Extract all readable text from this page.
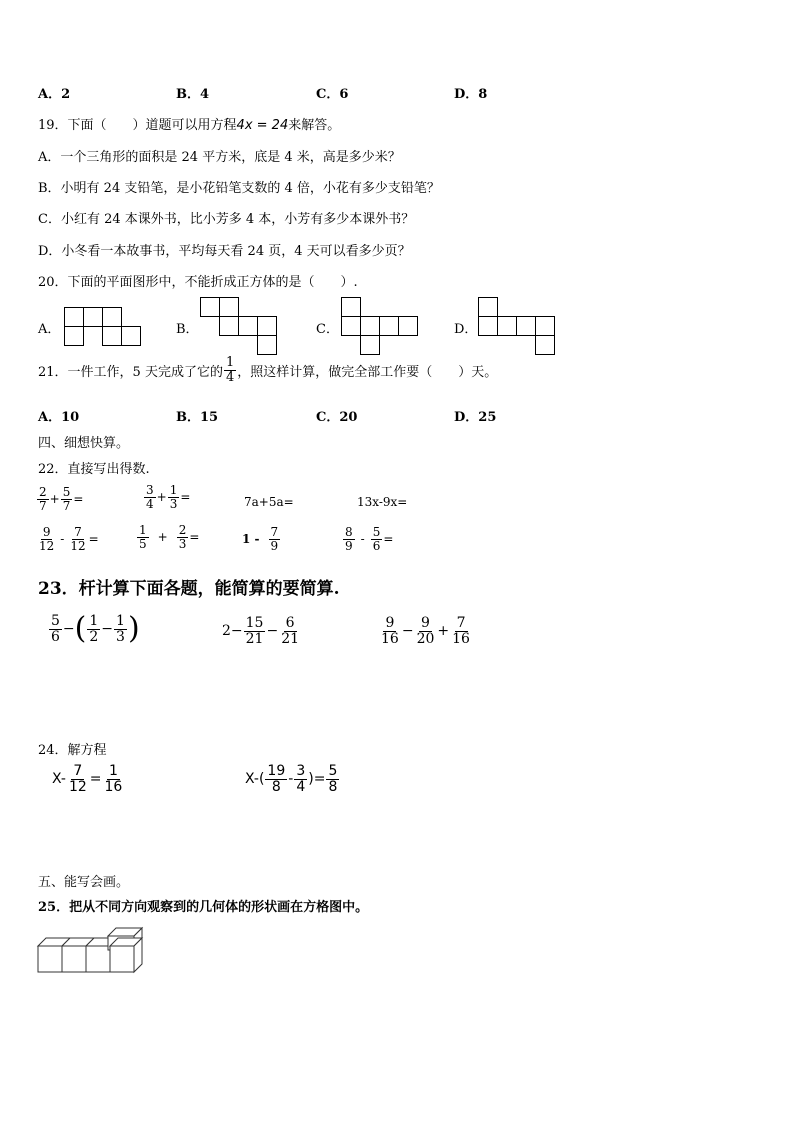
A．2	B．4	C．6	D．8
19．下面（　　）道题可以用方程4x = 24来解答。
A．一个三角形的面积是 24 平方米，底是 4 米，高是多少米？
B．小明有 24 支铅笔，是小花铅笔支数的 4 倍，小花有多少支铅笔？
C．小红有 24 本课外书，比小芳多 4 本，小芳有多少本课外书？
D．小冬看一本故事书，平均每天看 24 页，4 天可以看多少页？
20．下面的平面图形中，不能折成正方体的是（　　）.
A．	B．	C．	D．
21．一件工作，5 天完成了它的 $\frac{1}{4}$ ，照这样计算，做完全部工作要（　　）天。
A．10	B．15	C．20	D．25
四、细想快算。
22．直接写出得数.
$\frac{2}{7} + \frac{5}{7}$ =	$\frac{3}{4} + \frac{1}{3}$ =	7a+5a=	13x-9x=
$\frac{9}{12} - \frac{7}{12}$ =	$\frac{1}{5} + \frac{2}{3}$ =	$1 - \frac{7}{9}$	$\frac{8}{9} - \frac{5}{6}$ =
23．杆计算下面各题，能简算的要简算.
$\frac{5}{6}$ − ( $\frac{1}{2} - \frac{1}{3}$ )	$2- \frac{15}{21} - \frac{6}{21}$	$\frac{9}{16} - \frac{9}{20} + \frac{7}{16}$
24．解方程
$X- \frac{7}{12} = \frac{1}{16}$	$X-( \frac{19}{8} - \frac{3}{4}$ )= $\frac{5}{8}$
五、能写会画。
25．把从不同方向观察到的几何体的形状画在方格图中。
